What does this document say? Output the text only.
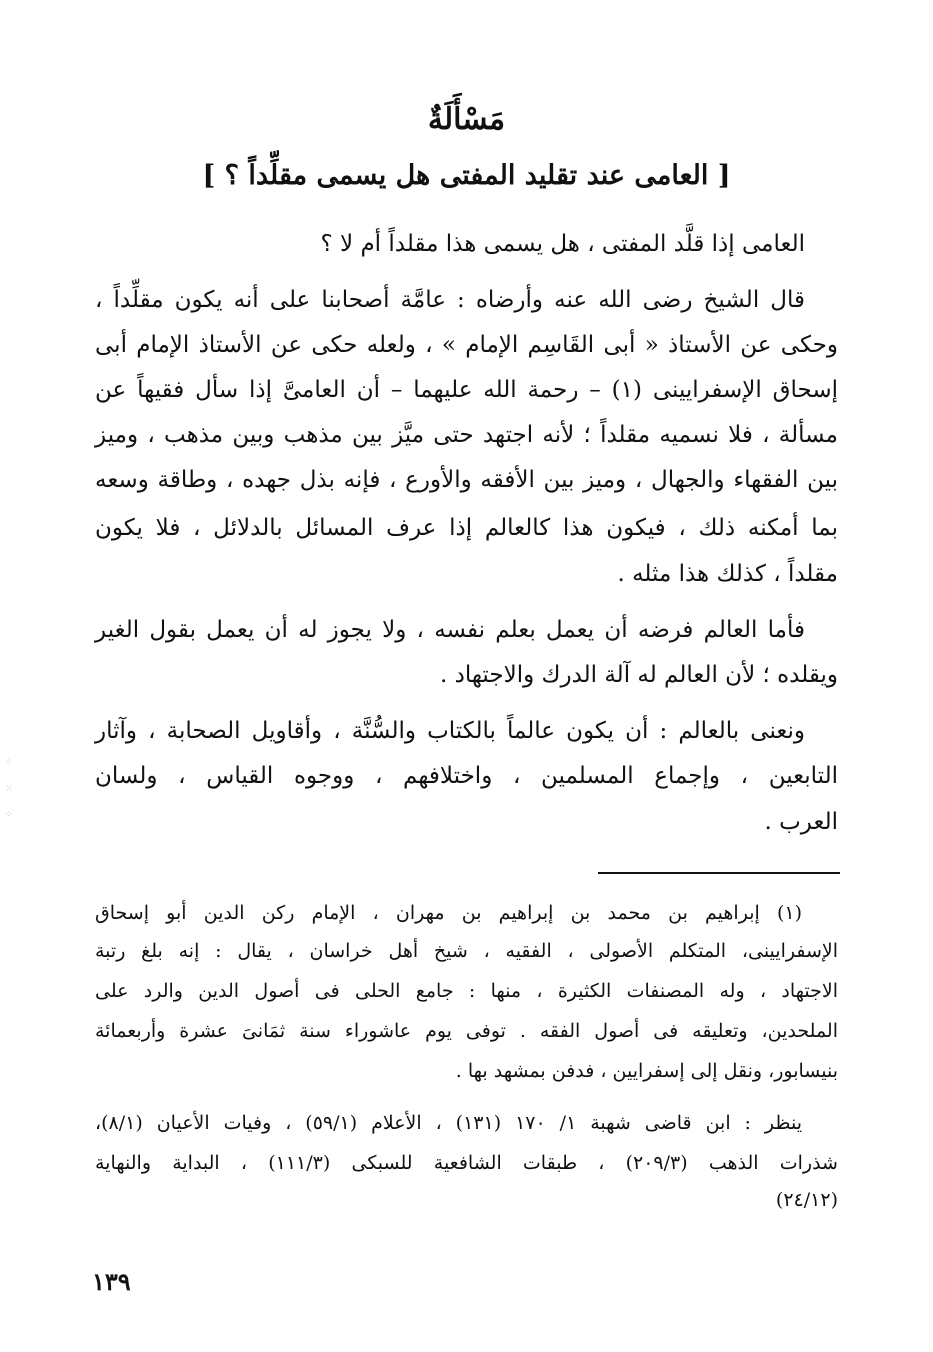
مَسْأَلَةٌ
[ العامى عند تقليد المفتى هل يسمى مقلِّداً ؟ ]
العامى إذا قلَّد المفتى ، هل يسمى هذا مقلداً أم لا ؟
قال الشيخ رضى الله عنه وأرضاه : عامَّة أصحابنا على أنه يكون مقلِّداً ،
وحكى عن الأستاذ « أبى القَاسِم الإمام » ، ولعله حكى عن الأستاذ الإمام أبى
إسحاق الإسفرايينى (١) – رحمة الله عليهما – أن العامىَّ إذا سأل فقيهاً عن
مسألة ، فلا نسميه مقلداً ؛ لأنه اجتهد حتى ميَّز بين مذهب وبين مذهب ، وميز
بين الفقهاء والجهال ، وميز بين الأفقه والأورع ، فإنه بذل جهده ، وطاقة وسعه
بما أمكنه ذلك ، فيكون هذا كالعالم إذا عرف المسائل بالدلائل ، فلا يكون
مقلداً ، كذلك هذا مثله .
فأما العالم فرضه أن يعمل بعلم نفسه ، ولا يجوز له أن يعمل بقول الغير
ويقلده ؛ لأن العالم له آلة الدرك والاجتهاد .
ونعنى بالعالم : أن يكون عالماً بالكتاب والسُّنَّة ، وأقاويل الصحابة ، وآثار
التابعين ، وإجماع المسلمين ، واختلافهم ، ووجوه القياس ، ولسان
العرب .
(١) إبراهيم بن محمد بن إبراهيم بن مهران ، الإمام ركن الدين أبو إسحاق
الإسفرايينى، المتكلم الأصولى ، الفقيه ، شيخ أهل خراسان ، يقال : إنه بلغ رتبة
الاجتهاد ، وله المصنفات الكثيرة ، منها : جامع الحلى فى أصول الدين والرد على
الملحدين، وتعليقه فى أصول الفقه . توفى يوم عاشوراء سنة ثمَانىَ عشرة وأربعمائة
بنيسابور، ونقل إلى إسفرايين ، فدفن بمشهد بها .
ينظر : ابن قاضى شهبة ١/ ١٧٠ (١٣١) ، الأعلام (٥٩/١) ، وفيات الأعيان (٨/١)،
شذرات الذهب (٢٠٩/٣) ، طبقات الشافعية للسبكى (١١١/٣) ، البداية والنهاية
(٢٤/١٢)
١٣٩
⁘
⁙
⁘
